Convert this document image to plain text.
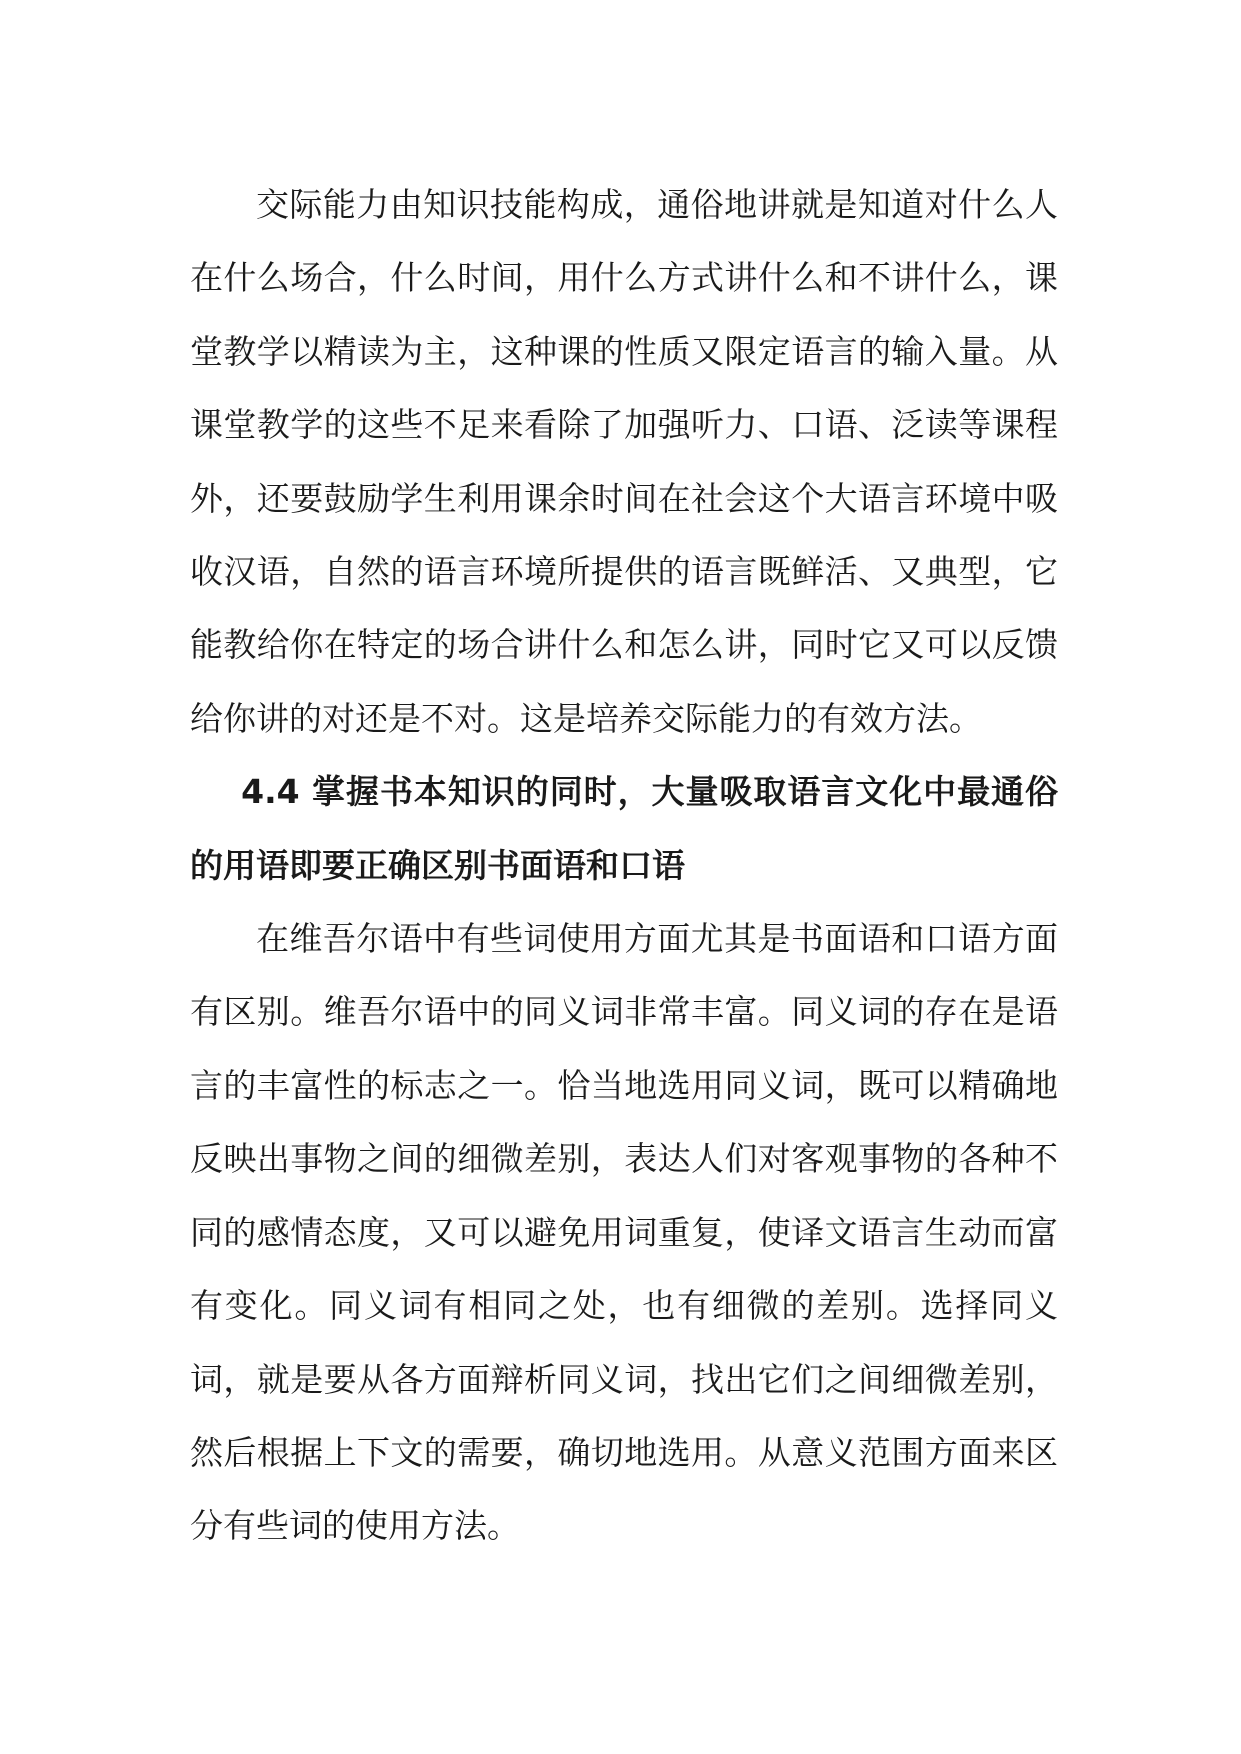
交际能力由知识技能构成，通俗地讲就是知道对什么人在什么场合，什么时间，用什么方式讲什么和不讲什么，课堂教学以精读为主，这种课的性质又限定语言的输入量。从课堂教学的这些不足来看除了加强听力、口语、泛读等课程外，还要鼓励学生利用课余时间在社会这个大语言环境中吸收汉语，自然的语言环境所提供的语言既鲜活、又典型，它能教给你在特定的场合讲什么和怎么讲，同时它又可以反馈给你讲的对还是不对。这是培养交际能力的有效方法。

4.4 掌握书本知识的同时，大量吸取语言文化中最通俗的用语即要正确区别书面语和口语

在维吾尔语中有些词使用方面尤其是书面语和口语方面有区别。维吾尔语中的同义词非常丰富。同义词的存在是语言的丰富性的标志之一。恰当地选用同义词，既可以精确地反映出事物之间的细微差别，表达人们对客观事物的各种不同的感情态度，又可以避免用词重复，使译文语言生动而富有变化。同义词有相同之处，也有细微的差别。选择同义词，就是要从各方面辩析同义词，找出它们之间细微差别，然后根据上下文的需要，确切地选用。从意义范围方面来区分有些词的使用方法。
